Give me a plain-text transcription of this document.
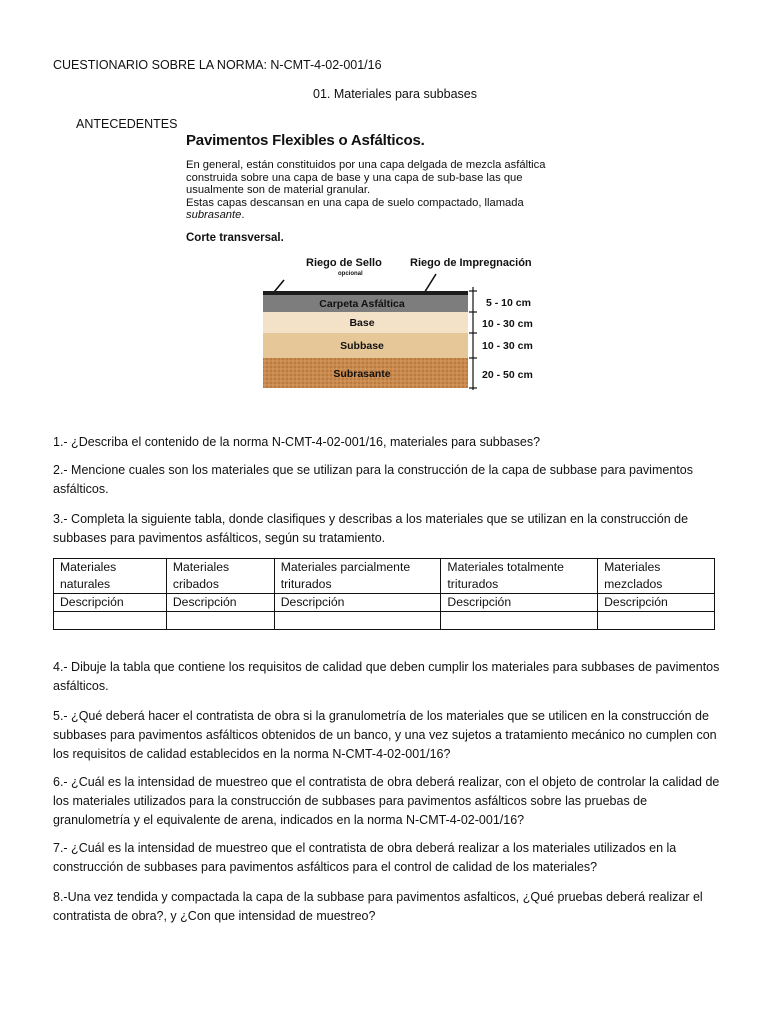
CUESTIONARIO SOBRE LA NORMA: N-CMT-4-02-001/16
01. Materiales para subbases
ANTECEDENTES
Pavimentos Flexibles o Asfálticos.
En general, están constituidos por una capa delgada de mezcla asfáltica construida sobre una capa de base y una capa de sub-base las que usualmente son de material granular.
Estas capas descansan en una capa de suelo compactado, llamada subrasante.
Corte transversal.
Riego de Sello
opcional
Riego de Impregnación
Carpeta Asfáltica
Base
Subbase
Subrasante
5 - 10 cm
10 - 30 cm
10 - 30 cm
20 - 50 cm
1.- ¿Describa el contenido de la norma N-CMT-4-02-001/16, materiales para subbases?
2.- Mencione cuales son los materiales que se utilizan para la construcción de la capa de subbase para pavimentos asfálticos.
3.- Completa la siguiente tabla, donde clasifiques y describas a los materiales que se utilizan en la construcción de subbases para pavimentos asfálticos, según su tratamiento.
Materiales naturales	Materiales cribados	Materiales parcialmente triturados	Materiales totalmente triturados	Materiales mezclados
Descripción	Descripción	Descripción	Descripción	Descripción

4.- Dibuje la tabla que contiene los requisitos de calidad que deben cumplir los materiales para subbases de pavimentos asfálticos.
5.- ¿Qué deberá hacer el contratista de obra si la granulometría de los materiales que se utilicen en la construcción de subbases para pavimentos asfálticos obtenidos de un banco, y una vez sujetos a tratamiento mecánico no cumplen con los requisitos de calidad establecidos en la norma N-CMT-4-02-001/16?
6.- ¿Cuál es la intensidad de muestreo que el contratista de obra deberá realizar, con el objeto de controlar la calidad de los materiales utilizados para la construcción de subbases para pavimentos asfálticos sobre las pruebas de granulometría y el equivalente de arena, indicados en la norma N-CMT-4-02-001/16?
7.- ¿Cuál es la intensidad de muestreo que el contratista de obra deberá realizar a los materiales utilizados en la construcción de subbases para pavimentos asfálticos para el control de calidad de los materiales?
8.-Una vez tendida y compactada la capa de la subbase para pavimentos asfalticos, ¿Qué pruebas deberá realizar el contratista de obra?, y ¿Con que intensidad de muestreo?
